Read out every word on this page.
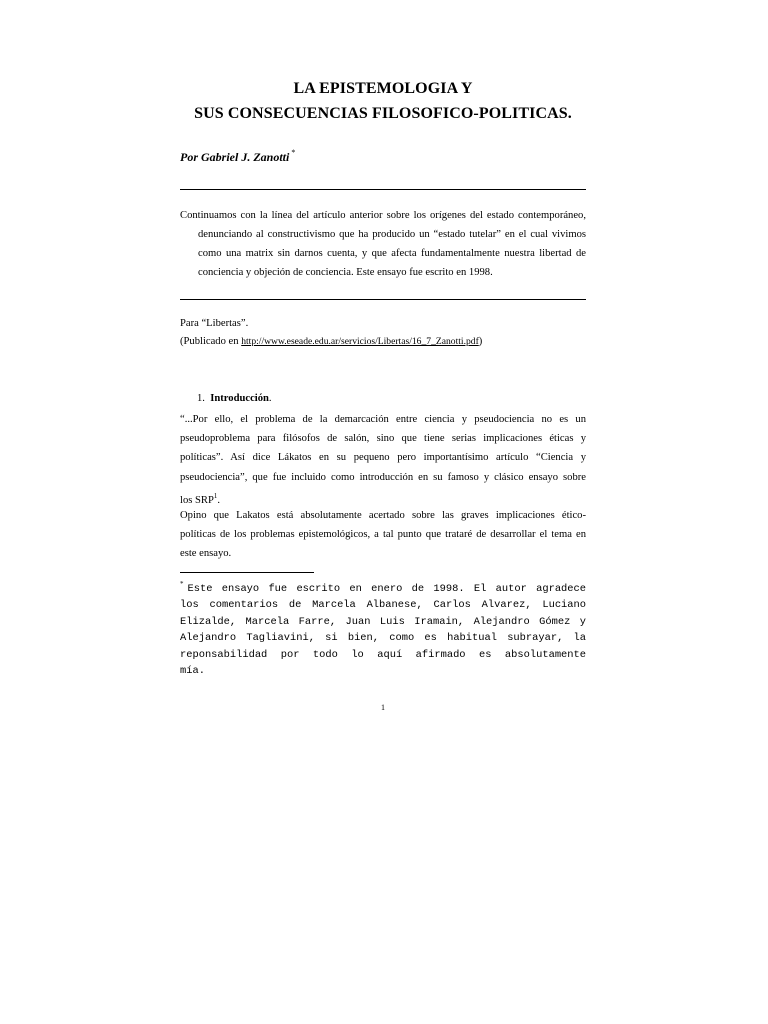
LA EPISTEMOLOGIA Y
SUS CONSECUENCIAS FILOSOFICO-POLITICAS.
Por Gabriel J. Zanotti *
Continuamos con la línea del artículo anterior sobre los orígenes del estado contemporáneo,
denunciando al constructivismo que ha producido un “estado tutelar” en el cual vivimos
como una matrix sin darnos cuenta, y que afecta fundamentalmente nuestra libertad de
conciencia y objeción de conciencia. Este ensayo fue escrito en 1998.
Para “Libertas”.
(Publicado en http://www.eseade.edu.ar/servicios/Libertas/16_7_Zanotti.pdf)
1. Introducción.
“...Por ello, el problema de la demarcación entre ciencia y pseudociencia no es un
pseudoproblema para filósofos de salón, sino que tiene serias implicaciones éticas y
políticas”. Así dice Lákatos en su pequeno pero importantísimo artículo “Ciencia y
pseudociencia”, que fue incluido como introducción en su famoso y clásico ensayo sobre
los SRP$^1$.
Opino que Lakatos está absolutamente acertado sobre las graves implicaciones ético-
políticas de los problemas epistemológicos, a tal punto que trataré de desarrollar el tema en
este ensayo.
* Este ensayo fue escrito en enero de 1998. El autor agradece
los comentarios de Marcela Albanese, Carlos Alvarez, Luciano
Elizalde, Marcela Farre, Juan Luis Iramain, Alejandro Gómez y
Alejandro Tagliavini, si bien, como es habitual subrayar, la
reponsabilidad por todo lo aquí afirmado es absolutamente
mía.
1
